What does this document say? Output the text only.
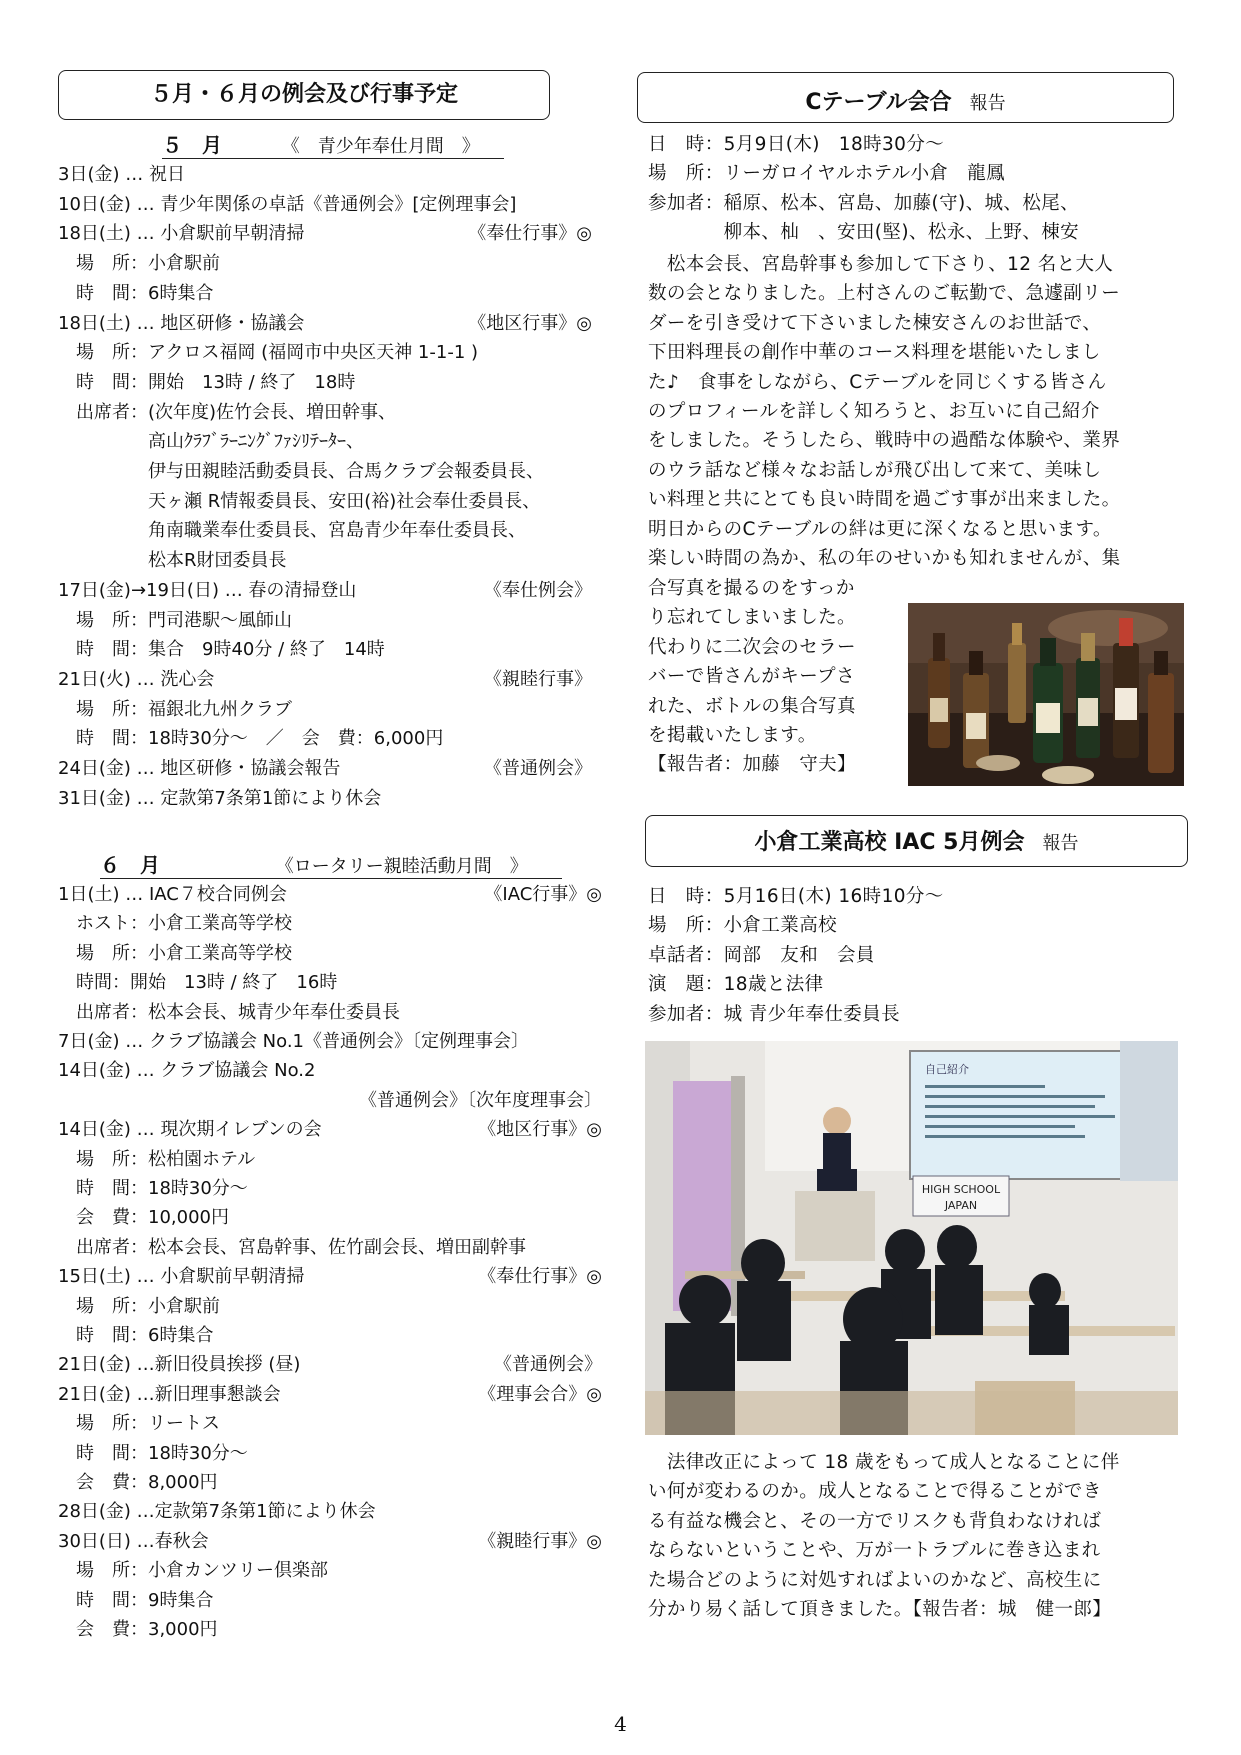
５月・６月の例会及び行事予定
５　月	《　青少年奉仕月間　》
3日(金) … 祝日
10日(金) … 青少年関係の卓話《普通例会》[定例理事会]
18日(土) … 小倉駅前早朝清掃	《奉仕行事》◎
　場　所：小倉駅前
　時　間：6時集合
18日(土) … 地区研修・協議会	《地区行事》◎
　場　所：アクロス福岡 (福岡市中央区天神 1-1-1 )
　時　間：開始　13時 / 終了　18時
　出席者：(次年度)佐竹会長、増田幹事、
　　　　　高山ｸﾗﾌﾞﾗｰﾆﾝｸﾞﾌｧｼﾘﾃｰﾀｰ、
　　　　　伊与田親睦活動委員長、合馬クラブ会報委員長、
　　　　　天ヶ瀬 R情報委員長、安田(裕)社会奉仕委員長、
　　　　　角南職業奉仕委員長、宮島青少年奉仕委員長、
　　　　　松本R財団委員長
17日(金)→19日(日) … 春の清掃登山	《奉仕例会》
　場　所：門司港駅～風師山
　時　間：集合　9時40分 / 終了　14時
21日(火) … 洗心会	《親睦行事》
　場　所：福銀北九州クラブ
　時　間：18時30分～　／　会　費：6,000円
24日(金) … 地区研修・協議会報告	《普通例会》
31日(金) … 定款第7条第1節により休会
６　月	《ロータリー親睦活動月間　》
1日(土) … IAC７校合同例会	《IAC行事》◎
　ホスト：小倉工業高等学校
　場　所：小倉工業高等学校
　時間：開始　13時 / 終了　16時
　出席者：松本会長、城青少年奉仕委員長
7日(金) … クラブ協議会 No.1《普通例会》〔定例理事会〕
14日(金) … クラブ協議会 No.2
《普通例会》〔次年度理事会〕
14日(金) … 現次期イレブンの会	《地区行事》◎
　場　所：松柏園ホテル
　時　間：18時30分～
　会　費：10,000円
　出席者：松本会長、宮島幹事、佐竹副会長、増田副幹事
15日(土) … 小倉駅前早朝清掃	《奉仕行事》◎
　場　所：小倉駅前
　時　間：6時集合
21日(金) …新旧役員挨拶 (昼)	《普通例会》
21日(金) …新旧理事懇談会	《理事会合》◎
　場　所：リートス
　時　間：18時30分～
　会　費：8,000円
28日(金) …定款第7条第1節により休会
30日(日) …春秋会	《親睦行事》◎
　場　所：小倉カンツリー倶楽部
　時　間：9時集合
　会　費：3,000円
Cテーブル会合 報告
日　時：5月9日(木)　18時30分～
場　所：リーガロイヤルホテル小倉　龍鳳
参加者：稲原、松本、宮島、加藤(守)、城、松尾、
　　　　柳本、杣　、安田(堅)、松永、上野、棟安
　松本会長、宮島幹事も参加して下さり、12 名と大人
数の会となりました。上村さんのご転勤で、急遽副リー
ダーを引き受けて下さいました棟安さんのお世話で、
下田料理長の創作中華のコース料理を堪能いたしまし
た♪　食事をしながら、Cテーブルを同じくする皆さん
のプロフィールを詳しく知ろうと、お互いに自己紹介
をしました。そうしたら、戦時中の過酷な体験や、業界
のウラ話など様々なお話しが飛び出して来て、美味し
い料理と共にとても良い時間を過ごす事が出来ました。
明日からのCテーブルの絆は更に深くなると思います。
楽しい時間の為か、私の年のせいかも知れませんが、集
合写真を撮るのをすっか
り忘れてしまいました。
代わりに二次会のセラー
バーで皆さんがキープさ
れた、ボトルの集合写真
を掲載いたします。
【報告者：加藤　守夫】
小倉工業高校 IAC 5月例会 報告
日　時：5月16日(木) 16時10分～
場　所：小倉工業高校
卓話者：岡部　友和　会員
演　題：18歳と法律
参加者：城 青少年奉仕委員長
自己紹介
HIGH SCHOOL
JAPAN
　法律改正によって 18 歳をもって成人となることに伴
い何が変わるのか。成人となることで得ることができ
る有益な機会と、その一方でリスクも背負わなければ
ならないということや、万が一トラブルに巻き込まれ
た場合どのように対処すればよいのかなど、高校生に
分かり易く話して頂きました。【報告者：城　健一郎】
4
